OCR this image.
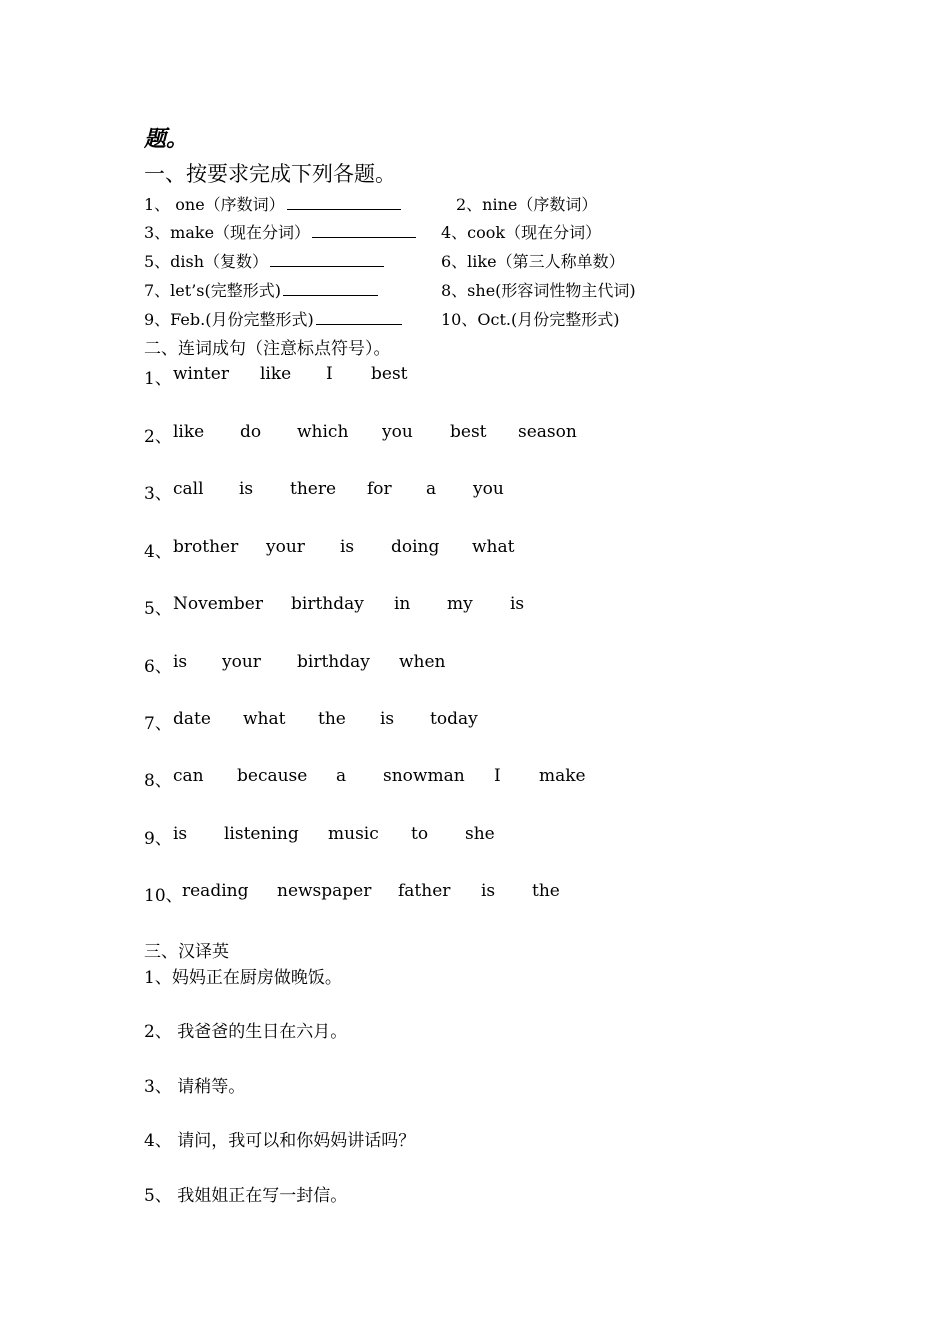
题。
一、按要求完成下列各题。
1、 one（序数词）	2、nine（序数词）
3、make（现在分词）	4、cook（现在分词）
5、dish（复数）	6、like（第三人称单数）
7、let’s(完整形式)	8、she(形容词性物主代词)
9、Feb.(月份完整形式)	10、Oct.(月份完整形式)
二、连词成句（注意标点符号）。
1、 winter like I best
2、 like do which you best season
3、 call is there for a you
4、 brother your is doing what
5、 November birthday in my is
6、 is your birthday when
7、 date what the is today
8、 can because a snowman I make
9、 is listening music to she
10、 reading newspaper father is the
三、汉译英
1、妈妈正在厨房做晚饭。
2、 我爸爸的生日在六月。
3、 请稍等。
4、 请问，我可以和你妈妈讲话吗？
5、 我姐姐正在写一封信。
